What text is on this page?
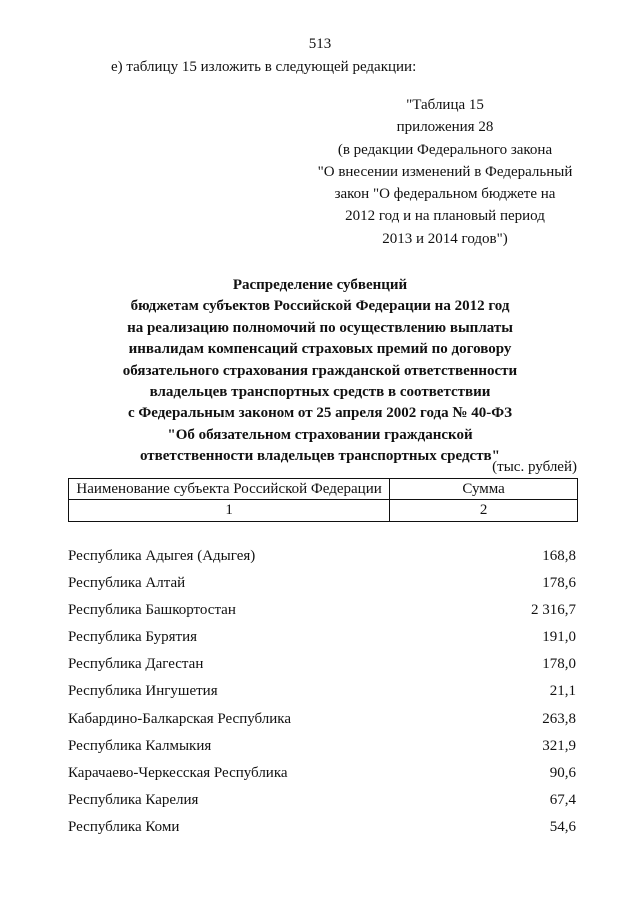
513
е) таблицу 15 изложить в следующей редакции:
"Таблица 15
приложения 28
(в редакции Федерального закона
"О внесении изменений в Федеральный
закон "О федеральном бюджете на
2012 год и на плановый период
2013 и 2014 годов")
Распределение субвенций
бюджетам субъектов Российской Федерации на 2012 год
на реализацию полномочий по осуществлению выплаты
инвалидам компенсаций страховых премий по договору
обязательного страхования гражданской ответственности
владельцев транспортных средств в соответствии
с Федеральным законом от 25 апреля 2002 года № 40-ФЗ
"Об обязательном страховании гражданской
ответственности владельцев транспортных средств"
(тыс. рублей)
Наименование субъекта Российской Федерации	Сумма
1	2
Республика Адыгея (Адыгея)	168,8
Республика Алтай	178,6
Республика Башкортостан	2 316,7
Республика Бурятия	191,0
Республика Дагестан	178,0
Республика Ингушетия	21,1
Кабардино-Балкарская Республика	263,8
Республика Калмыкия	321,9
Карачаево-Черкесская Республика	90,6
Республика Карелия	67,4
Республика Коми	54,6
